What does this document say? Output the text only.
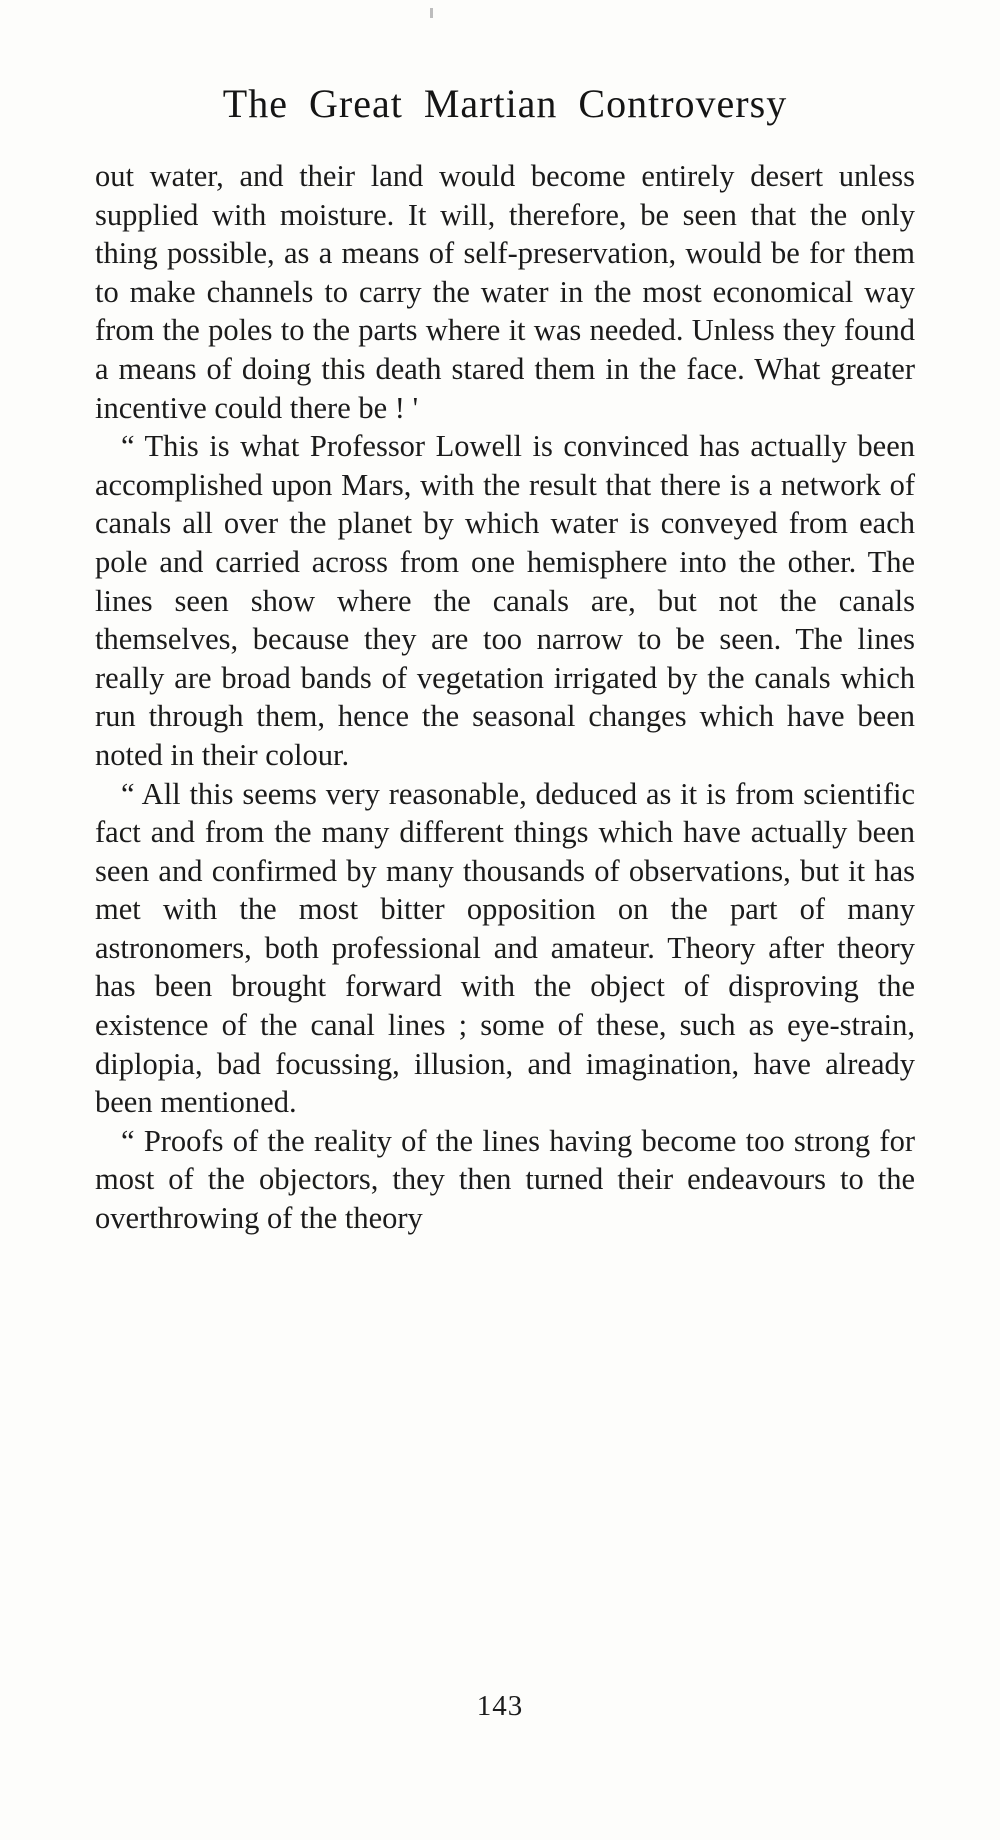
The Great Martian Controversy

out water, and their land would become entirely desert unless supplied with moisture. It will, therefore, be seen that the only thing possible, as a means of self-preservation, would be for them to make channels to carry the water in the most economical way from the poles to the parts where it was needed. Unless they found a means of doing this death stared them in the face. What greater incentive could there be ! '

“ This is what Professor Lowell is convinced has actually been accomplished upon Mars, with the result that there is a network of canals all over the planet by which water is conveyed from each pole and carried across from one hemisphere into the other. The lines seen show where the canals are, but not the canals themselves, because they are too narrow to be seen. The lines really are broad bands of vegetation irrigated by the canals which run through them, hence the seasonal changes which have been noted in their colour.

“ All this seems very reasonable, deduced as it is from scientific fact and from the many different things which have actually been seen and confirmed by many thousands of observations, but it has met with the most bitter opposition on the part of many astronomers, both professional and amateur. Theory after theory has been brought forward with the object of disproving the existence of the canal lines ; some of these, such as eye-strain, diplopia, bad focussing, illusion, and imagination, have already been mentioned.

“ Proofs of the reality of the lines having become too strong for most of the objectors, they then turned their endeavours to the overthrowing of the theory

143
